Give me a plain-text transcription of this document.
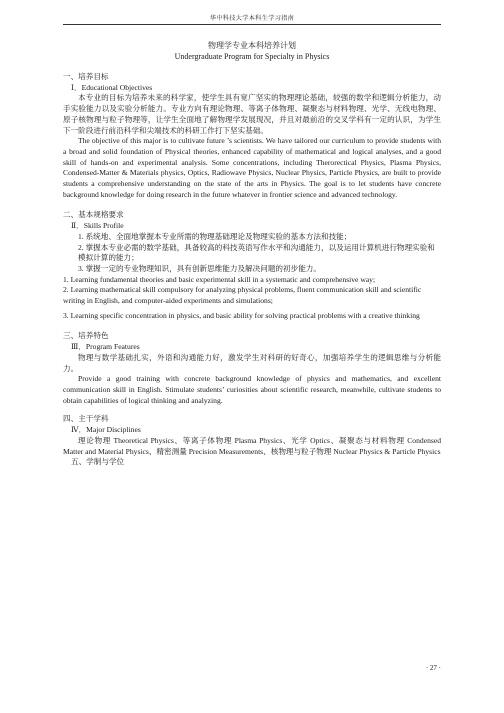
华中科技大学本科生学习指南
物理学专业本科培养计划
Undergraduate Program for Specialty in Physics
一、培养目标
Ⅰ．Educational Objectives

本专业的目标为培养未来的科学家，使学生具有宽广坚实的物理理论基础，较强的数学和逻辑分析能力，动手实验能力以及实验分析能力。专业方向有理论物理、等离子体物理、凝聚态与材料物理、光学、无线电物理、原子核物理与粒子物理等，让学生全面地了解物理学发展现况，并且对最前沿的交叉学科有一定的认识，为学生下一阶段进行前沿科学和尖端技术的科研工作打下坚实基础。

The objective of this major is to cultivate future ’s scientists. We have tailored our curriculum to provide students with a broad and solid foundation of Physical theories, enhanced capability of mathematical and logical analyses, and a good skill of hands-on and experimental analysis. Some concentrations, including Therorectical Physics, Plasma Physics, Condensed-Matter & Materials physics, Optics, Radiowave Physics, Nuclear Physics, Particle Physics, are built to provide students a comprehensive understanding on the state of the arts in Physics. The goal is to let students have concrete background knowledge for doing research in the future whatever in frontier science and advanced technology.

二、基本规格要求
Ⅱ．Skills Profile
1. 系统地、全面地掌握本专业所需的物理基础理论及物理实验的基本方法和技能；
2. 掌握本专业必需的数学基础，具备较高的科技英语写作水平和沟通能力，以及运用计算机进行物理实验和模拟计算的能力；
3. 掌握一定的专业物理知识，具有创新思维能力及解决问题的初步能力。
1. Learning fundamental theories and basic experimental skill in a systematic and comprehensive way;
2. Learning mathematical skill compulsory for analyzing physical problems, fluent communication skill and scientific writing in English, and computer-aided experiments and simulations;
3. Learning specific concentration in physics, and basic ability for solving practical problems with a creative thinking
三、培养特色
Ⅲ．Program Features

物理与数学基础扎实，外语和沟通能力好，激发学生对科研的好奇心，加强培养学生的逻辑思维与分析能力。

Provide a good training with concrete background knowledge of physics and mathematics, and excellent communication skill in English. Stimulate students’ curiosities about scientific research, meanwhile, cultivate students to obtain capabilities of logical thinking and analyzing.

四、主干学科
Ⅳ．Major Disciplines

理论物理 Theoretical Physics、等离子体物理 Plasma Physics、光学 Optics、凝聚态与材料物理 Condensed Matter and Material Physics、精密测量 Precision Measurements、核物理与粒子物理 Nuclear Physics & Particle Physics

五、学制与学位
· 27 ·
